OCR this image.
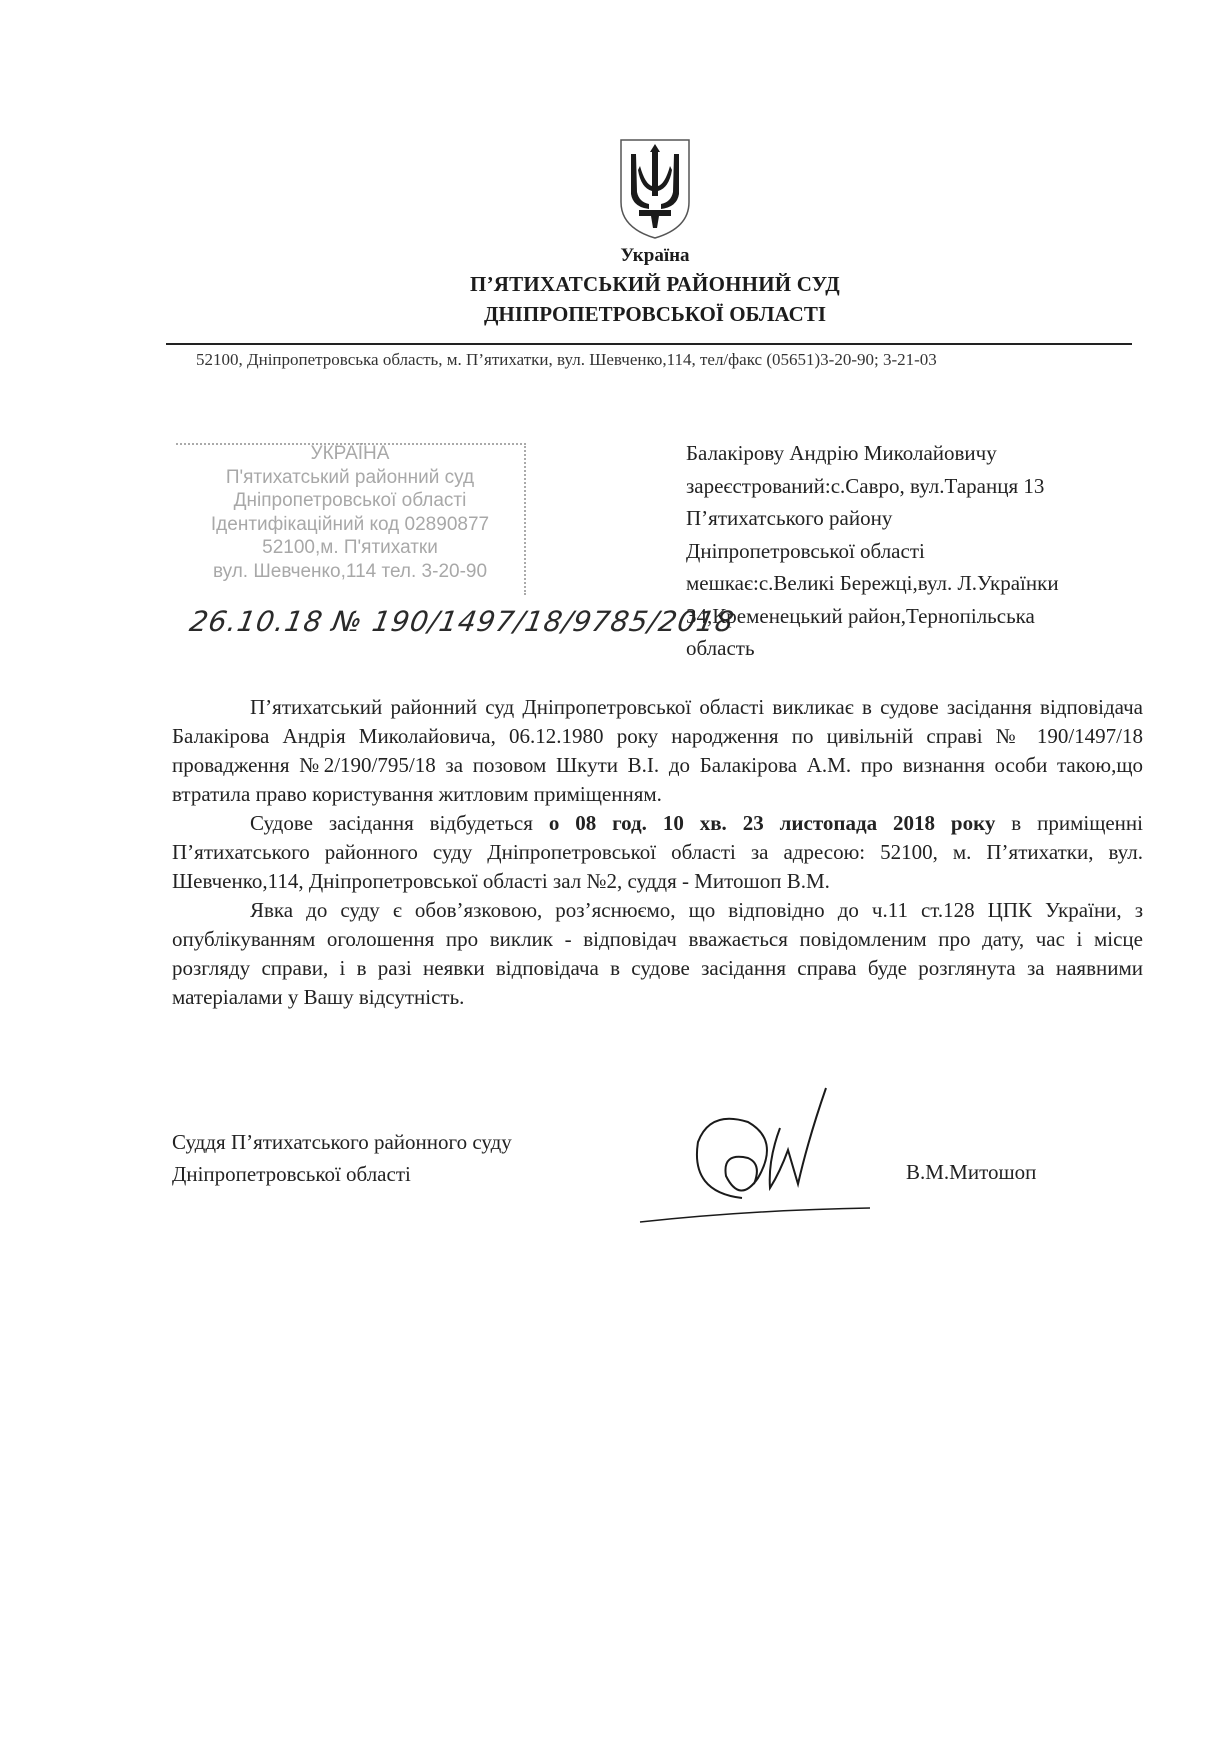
Україна
П’ЯТИХАТСЬКИЙ РАЙОННИЙ СУД
ДНІПРОПЕТРОВСЬКОЇ ОБЛАСТІ
52100, Дніпропетровська область, м. П’ятихатки, вул. Шевченко,114, тел/факс (05651)3-20-90; 3-21-03
УКРАЇНА
П'ятихатський районний суд
Дніпропетровської області
Ідентифікаційний код 02890877
52100,м. П'ятихатки
вул. Шевченко,114 тел. 3-20-90
26.10.18 № 190/1497/18/9785/2018
Балакірову Андрію Миколайовичу
зареєстрований:с.Савро, вул.Таранця 13
П’ятихатського району
Дніпропетровської області
мешкає:с.Великі Бережці,вул. Л.Українки
34,Кременецький район,Тернопільська
область

П’ятихатський районний суд Дніпропетровської області викликає в судове засідання відповідача Балакірова Андрія Миколайовича, 06.12.1980 року народження по цивільній справі № 190/1497/18 провадження №2/190/795/18 за позовом Шкути В.І. до Балакірова А.М. про визнання особи такою,що втратила право користування житловим приміщенням.

Судове засідання відбудеться о 08 год. 10 хв. 23 листопада 2018 року в приміщенні П’ятихатського районного суду Дніпропетровської області за адресою: 52100, м. П’ятихатки, вул. Шевченко,114, Дніпропетровської області зал №2, суддя - Митошоп В.М.

Явка до суду є обов’язковою, роз’яснюємо, що відповідно до ч.11 ст.128 ЦПК України, з опублікуванням оголошення про виклик - відповідач вважається повідомленим про дату, час і місце розгляду справи, і в разі неявки відповідача в судове засідання справа буде розглянута за наявними матеріалами у Вашу відсутність.

Суддя П’ятихатського районного суду
Дніпропетровської області	В.М.Митошоп
